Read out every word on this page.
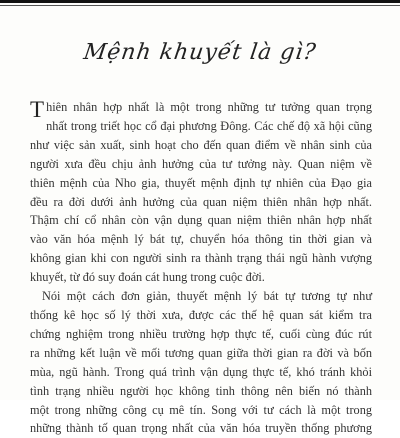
Mệnh khuyết là gì?
Thiên nhân hợp nhất là một trong những tư tưởng quan trọng
nhất trong triết học cổ đại phương Đông. Các chế độ xã hội cũng
như việc sản xuất, sinh hoạt cho đến quan điểm về nhân sinh của
người xưa đều chịu ảnh hưởng của tư tưởng này. Quan niệm về
thiên mệnh của Nho gia, thuyết mệnh định tự nhiên của Đạo gia
đều ra đời dưới ảnh hưởng của quan niệm thiên nhân hợp nhất.
Thậm chí cổ nhân còn vận dụng quan niệm thiên nhân hợp nhất
vào văn hóa mệnh lý bát tự, chuyển hóa thông tin thời gian và
không gian khi con người sinh ra thành trạng thái ngũ hành vượng
khuyết, từ đó suy đoán cát hung trong cuộc đời.
Nói một cách đơn giản, thuyết mệnh lý bát tự tương tự như
thống kê học số lý thời xưa, được các thế hệ quan sát kiểm tra
chứng nghiệm trong nhiều trường hợp thực tế, cuối cùng đúc rút
ra những kết luận về mối tương quan giữa thời gian ra đời và bốn
mùa, ngũ hành. Trong quá trình vận dụng thực tế, khó tránh khỏi
tình trạng nhiều người học không tinh thông nên biến nó thành
một trong những công cụ mê tín. Song với tư cách là một trong
những thành tố quan trọng nhất của văn hóa truyền thống phương
